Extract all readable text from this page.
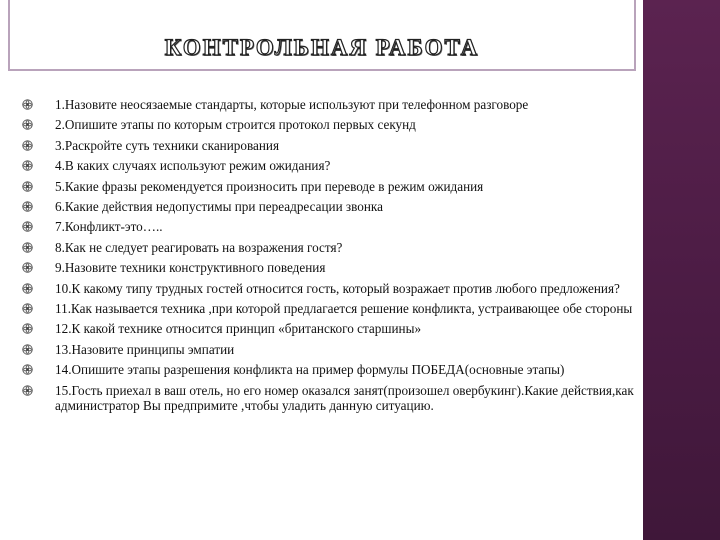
КОНТРОЛЬНАЯ РАБОТА
1.Назовите неосязаемые стандарты, которые используют при телефонном разговоре
2.Опишите этапы по которым строится протокол первых секунд
3.Раскройте суть техники сканирования
4.В каких случаях используют режим ожидания?
5.Какие фразы рекомендуется произносить при переводе в режим ожидания
6.Какие действия недопустимы при переадресации звонка
7.Конфликт-это…..
8.Как не следует реагировать на возражения гостя?
9.Назовите техники конструктивного поведения
10.К какому типу трудных гостей относится гость, который возражает против любого предложения?
11.Как называется техника ,при которой предлагается решение конфликта, устраивающее обе стороны
12.К какой технике относится принцип «британского старшины»
13.Назовите принципы эмпатии
14.Опишите этапы разрешения конфликта на пример формулы ПОБЕДА(основные этапы)
15.Гость приехал в ваш отель, но его номер оказался занят(произошел овербукинг).Какие действия,как администратор Вы предпримите ,чтобы уладить данную ситуацию.
